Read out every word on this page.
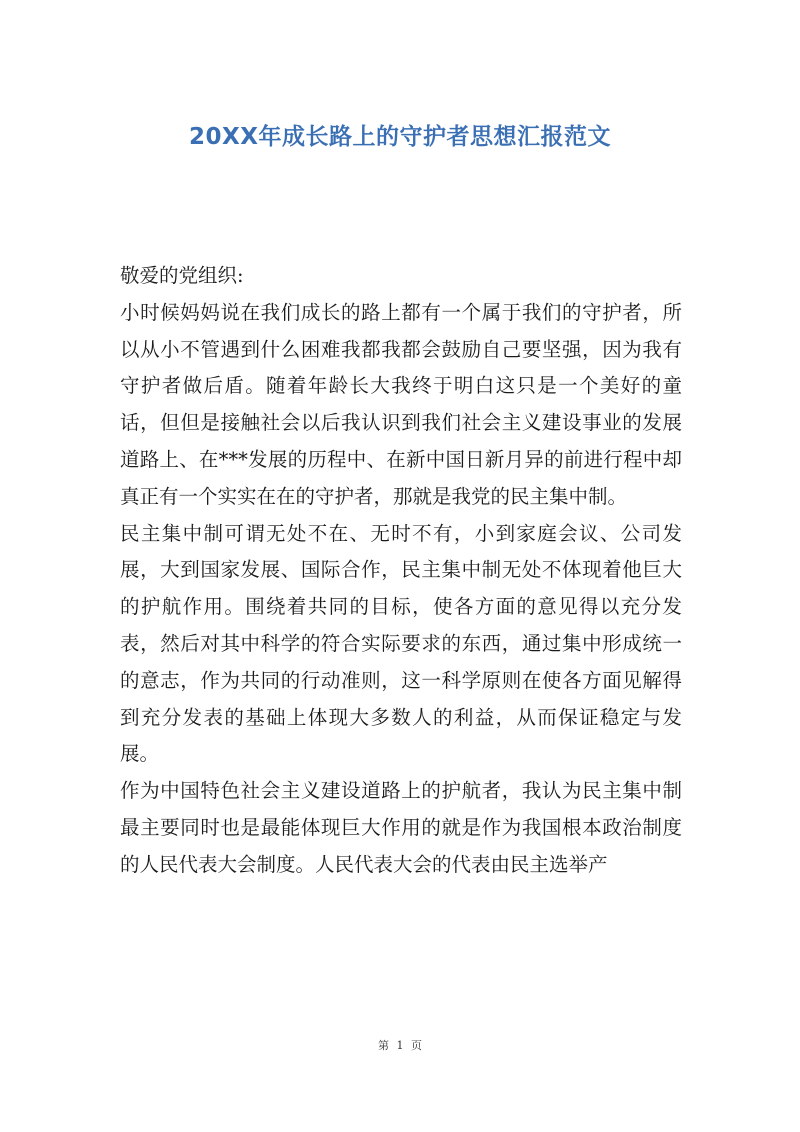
20XX年成长路上的守护者思想汇报范文

敬爱的党组织:

小时候妈妈说在我们成长的路上都有一个属于我们的守护者，所以从小不管遇到什么困难我都我都会鼓励自己要坚强，因为我有守护者做后盾。随着年龄长大我终于明白这只是一个美好的童话，但但是接触社会以后我认识到我们社会主义建设事业的发展道路上、在***发展的历程中、在新中国日新月异的前进行程中却真正有一个实实在在的守护者，那就是我党的民主集中制。

民主集中制可谓无处不在、无时不有，小到家庭会议、公司发展，大到国家发展、国际合作，民主集中制无处不体现着他巨大的护航作用。围绕着共同的目标，使各方面的意见得以充分发表，然后对其中科学的符合实际要求的东西，通过集中形成统一的意志，作为共同的行动准则，这一科学原则在使各方面见解得到充分发表的基础上体现大多数人的利益，从而保证稳定与发展。

作为中国特色社会主义建设道路上的护航者，我认为民主集中制最主要同时也是最能体现巨大作用的就是作为我国根本政治制度的人民代表大会制度。人民代表大会的代表由民主选举产

第 1 页
